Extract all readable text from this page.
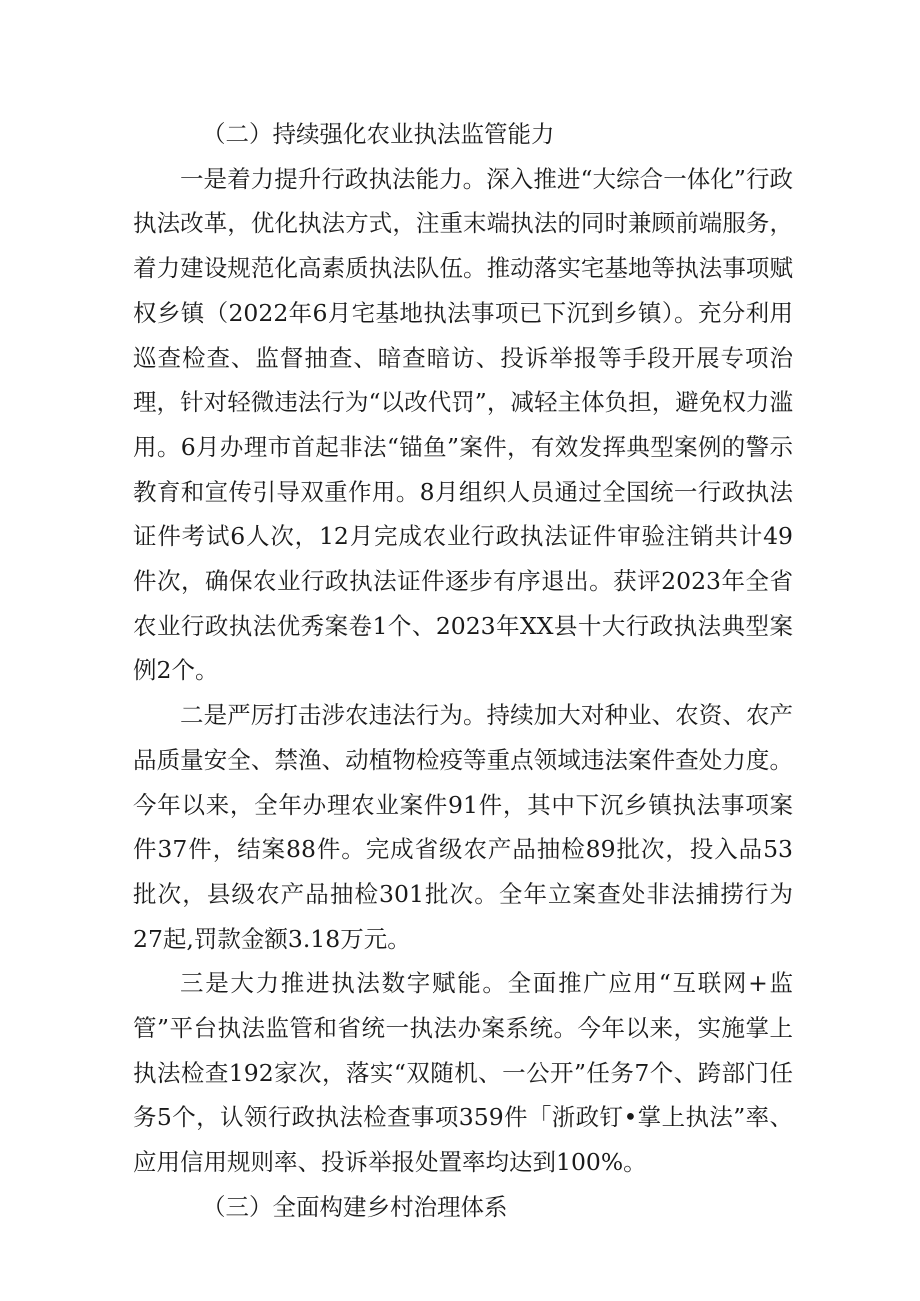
（二）持续强化农业执法监管能力

一是着力提升行政执法能力。深入推进“大综合一体化”行政执法改革，优化执法方式，注重末端执法的同时兼顾前端服务，着力建设规范化高素质执法队伍。推动落实宅基地等执法事项赋权乡镇（2022年6月宅基地执法事项已下沉到乡镇）。充分利用巡查检查、监督抽查、暗查暗访、投诉举报等手段开展专项治理，针对轻微违法行为“以改代罚”，减轻主体负担，避免权力滥用。6月办理市首起非法“锚鱼”案件，有效发挥典型案例的警示教育和宣传引导双重作用。8月组织人员通过全国统一行政执法证件考试6人次，12月完成农业行政执法证件审验注销共计49件次，确保农业行政执法证件逐步有序退出。获评2023年全省农业行政执法优秀案卷1个、2023年XX县十大行政执法典型案例2个。

二是严厉打击涉农违法行为。持续加大对种业、农资、农产品质量安全、禁渔、动植物检疫等重点领域违法案件查处力度。今年以来，全年办理农业案件91件，其中下沉乡镇执法事项案件37件，结案88件。完成省级农产品抽检89批次，投入品53批次，县级农产品抽检301批次。全年立案查处非法捕捞行为27起,罚款金额3.18万元。

三是大力推进执法数字赋能。全面推广应用“互联网+监管”平台执法监管和省统一执法办案系统。今年以来，实施掌上执法检查192家次，落实“双随机、一公开”任务7个、跨部门任务5个，认领行政执法检查事项359件「浙政钉•掌上执法”率、应用信用规则率、投诉举报处置率均达到100%。

（三）全面构建乡村治理体系
